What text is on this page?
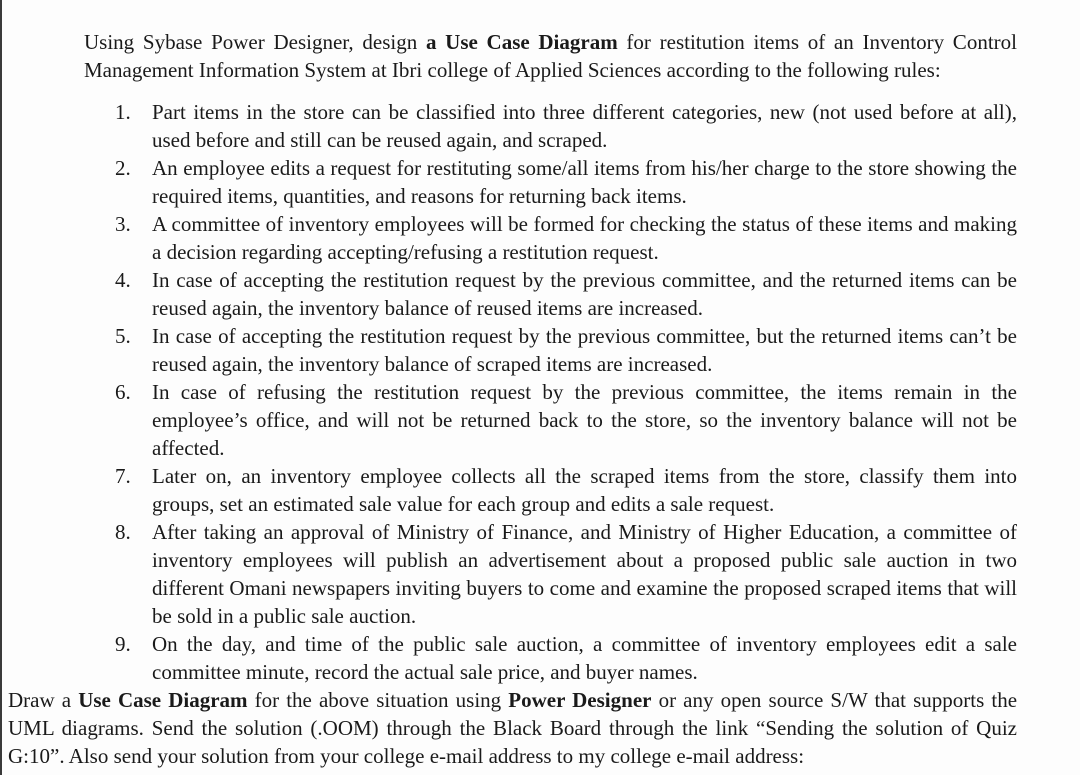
Using Sybase Power Designer, design a Use Case Diagram for restitution items of an Inventory Control Management Information System at Ibri college of Applied Sciences according to the following rules:

1. Part items in the store can be classified into three different categories, new (not used before at all), used before and still can be reused again, and scraped.
2. An employee edits a request for restituting some/all items from his/her charge to the store showing the required items, quantities, and reasons for returning back items.
3. A committee of inventory employees will be formed for checking the status of these items and making a decision regarding accepting/refusing a restitution request.
4. In case of accepting the restitution request by the previous committee, and the returned items can be reused again, the inventory balance of reused items are increased.
5. In case of accepting the restitution request by the previous committee, but the returned items can’t be reused again, the inventory balance of scraped items are increased.
6. In case of refusing the restitution request by the previous committee, the items remain in the employee’s office, and will not be returned back to the store, so the inventory balance will not be affected.
7. Later on, an inventory employee collects all the scraped items from the store, classify them into groups, set an estimated sale value for each group and edits a sale request.
8. After taking an approval of Ministry of Finance, and Ministry of Higher Education, a committee of inventory employees will publish an advertisement about a proposed public sale auction in two different Omani newspapers inviting buyers to come and examine the proposed scraped items that will be sold in a public sale auction.
9. On the day, and time of the public sale auction, a committee of inventory employees edit a sale committee minute, record the actual sale price, and buyer names.

Draw a Use Case Diagram for the above situation using Power Designer or any open source S/W that supports the UML diagrams. Send the solution (.OOM) through the Black Board through the link “Sending the solution of Quiz G:10”. Also send your solution from your college e-mail address to my college e-mail address:
